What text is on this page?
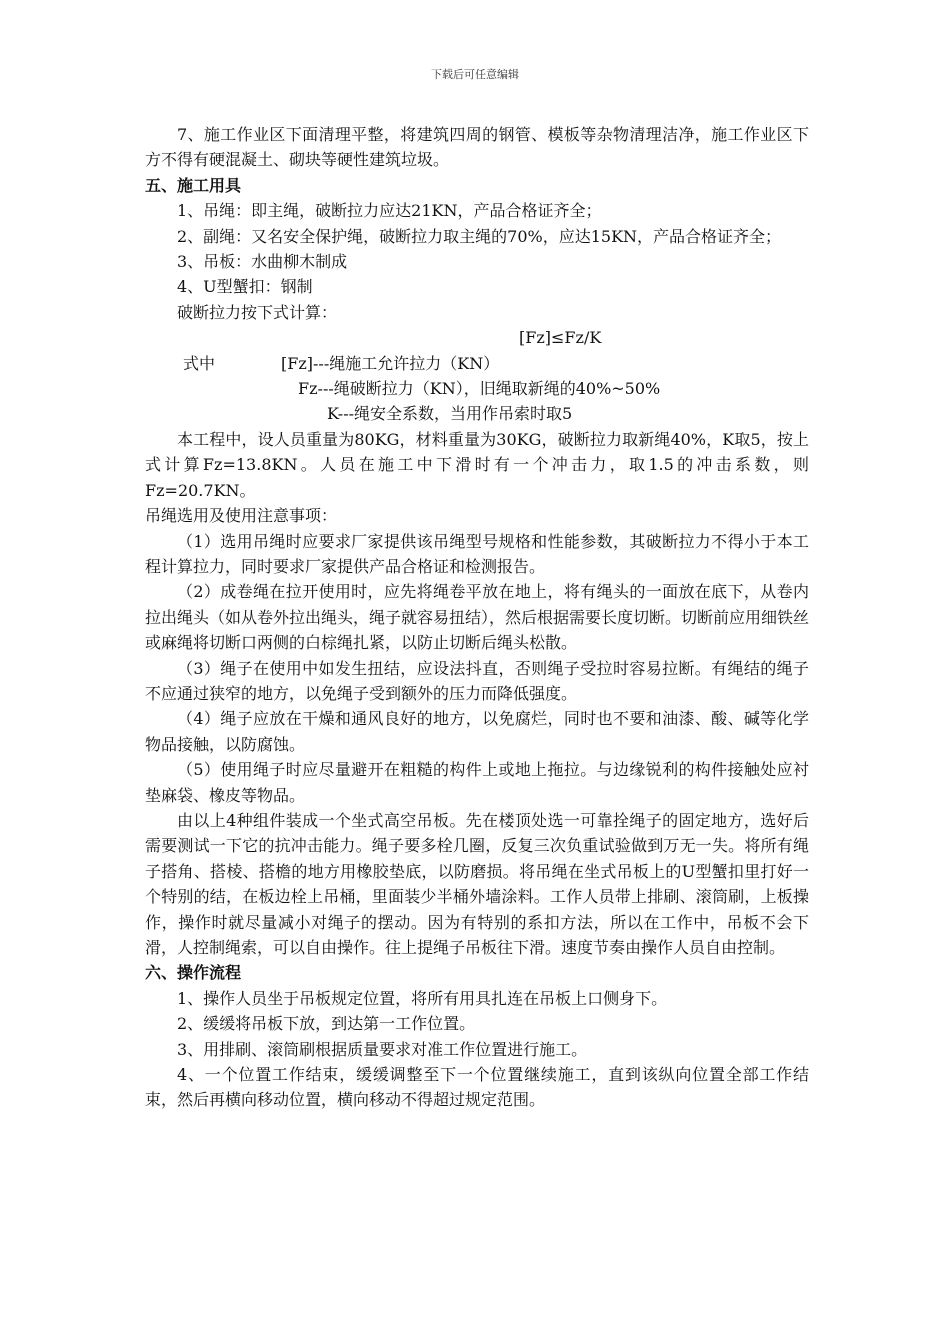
下载后可任意编辑
7、施工作业区下面清理平整，将建筑四周的钢管、模板等杂物清理洁净，施工作业区下方不得有硬混凝土、砌块等硬性建筑垃圾。
五、施工用具
1、吊绳：即主绳，破断拉力应达21KN，产品合格证齐全；
2、副绳：又名安全保护绳，破断拉力取主绳的70%，应达15KN，产品合格证齐全；
3、吊板：水曲柳木制成
4、U型蟹扣：钢制
破断拉力按下式计算：
[Fz]≤Fz/K
式中	[Fz]---绳施工允许拉力（KN）
Fz---绳破断拉力（KN），旧绳取新绳的40%~50%
K---绳安全系数，当用作吊索时取5
本工程中，设人员重量为80KG，材料重量为30KG，破断拉力取新绳40%，K取5，按上式计算Fz=13.8KN。人员在施工中下滑时有一个冲击力，取1.5的冲击系数，则Fz=20.7KN。
吊绳选用及使用注意事项：
（1）选用吊绳时应要求厂家提供该吊绳型号规格和性能参数，其破断拉力不得小于本工程计算拉力，同时要求厂家提供产品合格证和检测报告。
（2）成卷绳在拉开使用时，应先将绳卷平放在地上，将有绳头的一面放在底下，从卷内拉出绳头（如从卷外拉出绳头，绳子就容易扭结），然后根据需要长度切断。切断前应用细铁丝或麻绳将切断口两侧的白棕绳扎紧，以防止切断后绳头松散。
（3）绳子在使用中如发生扭结，应设法抖直，否则绳子受拉时容易拉断。有绳结的绳子不应通过狭窄的地方，以免绳子受到额外的压力而降低强度。
（4）绳子应放在干燥和通风良好的地方，以免腐烂，同时也不要和油漆、酸、碱等化学物品接触，以防腐蚀。
（5）使用绳子时应尽量避开在粗糙的构件上或地上拖拉。与边缘锐利的构件接触处应衬垫麻袋、橡皮等物品。
由以上4种组件装成一个坐式高空吊板。先在楼顶处选一可靠拴绳子的固定地方，选好后需要测试一下它的抗冲击能力。绳子要多栓几圈，反复三次负重试验做到万无一失。将所有绳子搭角、搭棱、搭檐的地方用橡胶垫底，以防磨损。将吊绳在坐式吊板上的U型蟹扣里打好一个特别的结，在板边栓上吊桶，里面装少半桶外墙涂料。工作人员带上排刷、滚筒刷，上板操作，操作时就尽量减小对绳子的摆动。因为有特别的系扣方法，所以在工作中，吊板不会下滑，人控制绳索，可以自由操作。往上提绳子吊板往下滑。速度节奏由操作人员自由控制。
六、操作流程
1、操作人员坐于吊板规定位置，将所有用具扎连在吊板上口侧身下。
2、缓缓将吊板下放，到达第一工作位置。
3、用排刷、滚筒刷根据质量要求对准工作位置进行施工。
4、一个位置工作结束，缓缓调整至下一个位置继续施工，直到该纵向位置全部工作结束，然后再横向移动位置，横向移动不得超过规定范围。
